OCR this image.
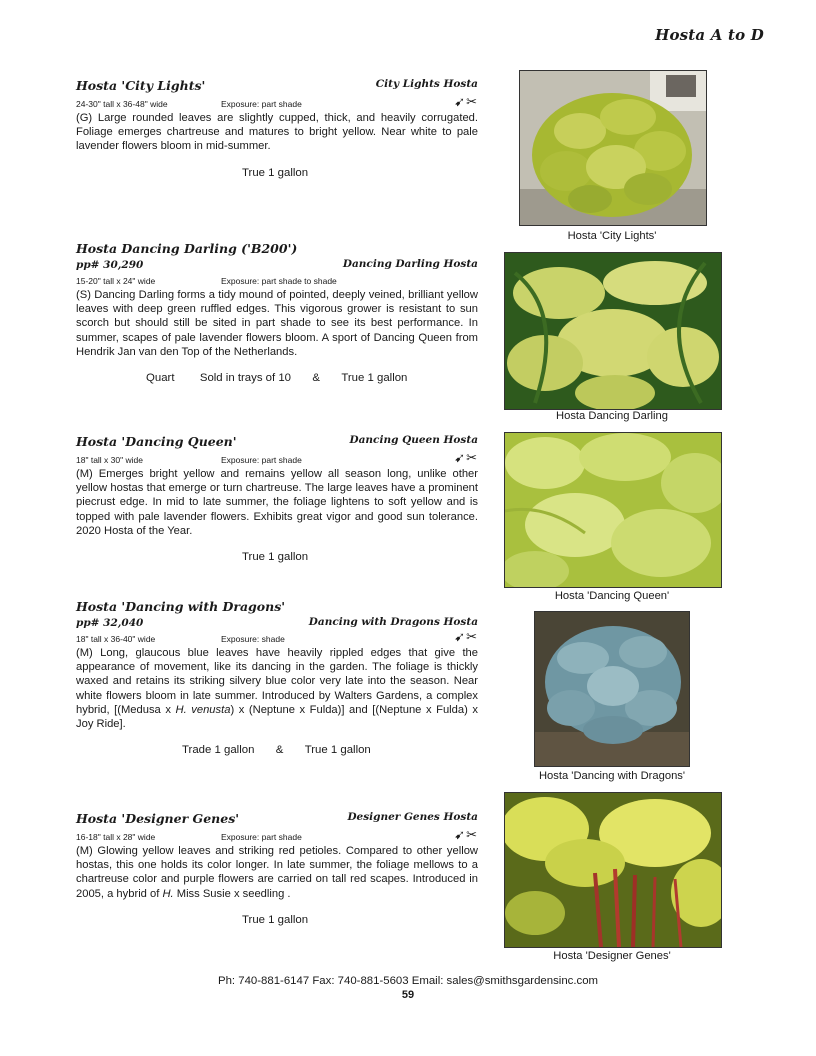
Hosta A to D
Hosta 'City Lights'	City Lights Hosta
24-30" tall x 36-48" wide	Exposure: part shade	➹✂
(G) Large rounded leaves are slightly cupped, thick, and heavily corrugated. Foliage emerges chartreuse and matures to bright yellow. Near white to pale lavender flowers bloom in mid-summer.
True 1 gallon
Hosta Dancing Darling ('B200')
pp# 30,290	Dancing Darling Hosta
15-20" tall x 24" wide	Exposure: part shade to shade
(S) Dancing Darling forms a tidy mound of pointed, deeply veined, brilliant yellow leaves with deep green ruffled edges. This vigorous grower is resistant to sun scorch but should still be sited in part shade to see its best performance. In summer, scapes of pale lavender flowers bloom. A sport of Dancing Queen from Hendrik Jan van den Top of the Netherlands.
Quart Sold in trays of 10 & True 1 gallon
Hosta 'Dancing Queen'	Dancing Queen Hosta
18" tall x 30" wide	Exposure: part shade	➹✂
(M) Emerges bright yellow and remains yellow all season long, unlike other yellow hostas that emerge or turn chartreuse. The large leaves have a prominent piecrust edge. In mid to late summer, the foliage lightens to soft yellow and is topped with pale lavender flowers. Exhibits great vigor and good sun tolerance. 2020 Hosta of the Year.
True 1 gallon
Hosta 'Dancing with Dragons'
pp# 32,040	Dancing with Dragons Hosta
18" tall x 36-40" wide	Exposure: shade	➹✂
(M) Long, glaucous blue leaves have heavily rippled edges that give the appearance of movement, like its dancing in the garden. The foliage is thickly waxed and retains its striking silvery blue color very late into the season. Near white flowers bloom in late summer. Introduced by Walters Gardens, a complex hybrid, [(Medusa x H. venusta) x (Neptune x Fulda)] and [(Neptune x Fulda) x Joy Ride].
Trade 1 gallon & True 1 gallon
Hosta 'Designer Genes'	Designer Genes Hosta
16-18" tall x 28" wide	Exposure: part shade	➹✂
(M) Glowing yellow leaves and striking red petioles. Compared to other yellow hostas, this one holds its color longer. In late summer, the foliage mellows to a chartreuse color and purple flowers are carried on tall red scapes. Introduced in 2005, a hybrid of H. Miss Susie x seedling .
True 1 gallon
Hosta 'City Lights'
Hosta Dancing Darling
Hosta 'Dancing Queen'
Hosta 'Dancing with Dragons'
Hosta 'Designer Genes'
Ph: 740-881-6147 Fax: 740-881-5603 Email: sales@smithsgardensinc.com
59
